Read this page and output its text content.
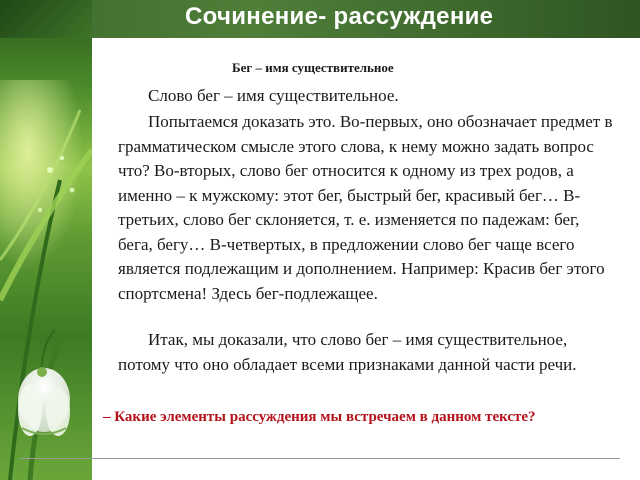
Сочинение- рассуждение
Бег – имя существительное

Слово бег – имя существительное.

Попытаемся доказать это. Во-первых, оно обозначает предмет в грамматическом смысле этого слова, к нему можно задать вопрос что? Во-вторых, слово бег относится к одному из трех родов, а именно – к мужскому: этот бег, быстрый бег, красивый бег… В-третьих, слово бег склоняется, т. е. изменяется по падежам: бег, бега, бегу… В-четвертых, в предложении слово бег чаще всего является подлежащим и дополнением. Например: Красив бег этого спортсмена! Здесь бег-подлежащее.

Итак, мы доказали, что слово бег – имя существительное, потому что оно обладает всеми признаками данной части речи.

– Какие элементы рассуждения мы встречаем в данном тексте?
